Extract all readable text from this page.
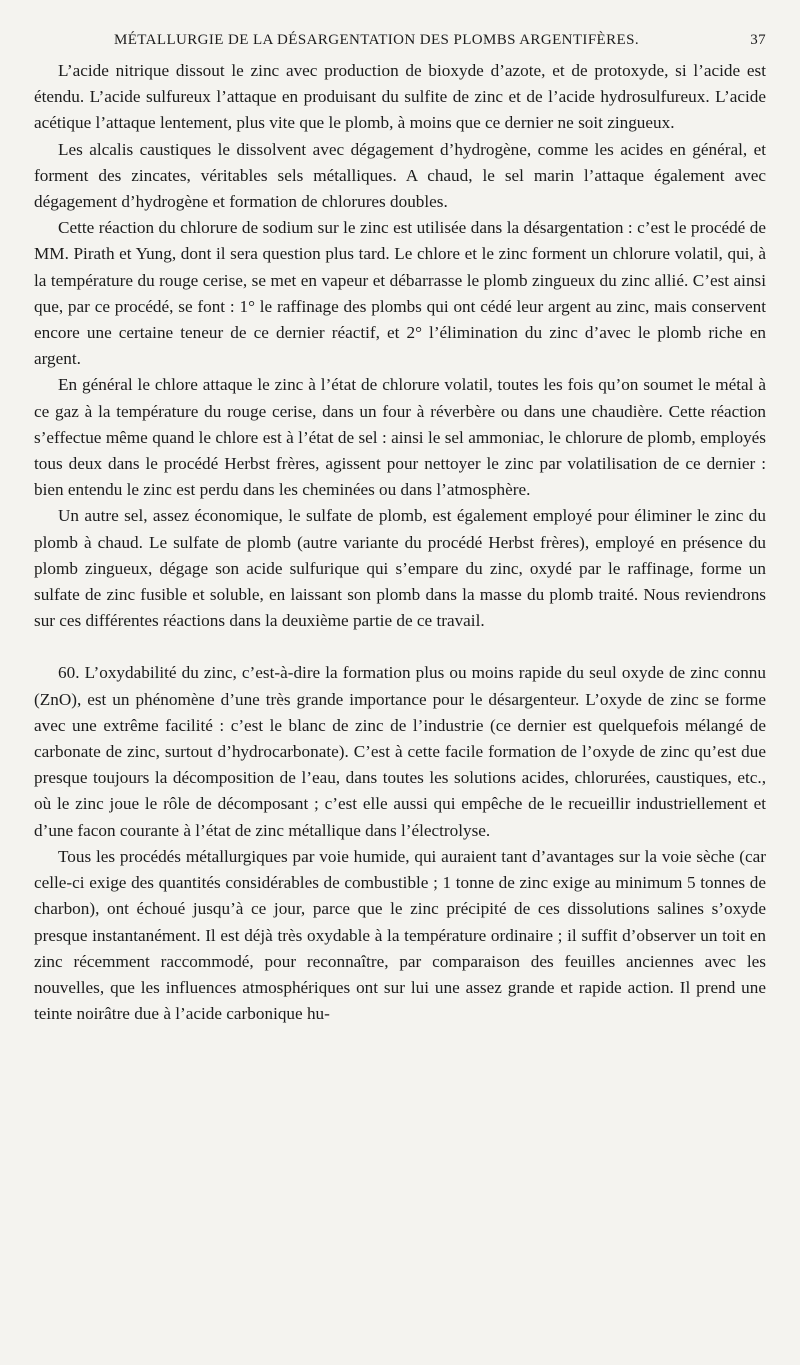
MÉTALLURGIE DE LA DÉSARGENTATION DES PLOMBS ARGENTIFÈRES.	37

L’acide nitrique dissout le zinc avec production de bioxyde d’azote, et de protoxyde, si l’acide est étendu. L’acide sulfureux l’attaque en produisant du sulfite de zinc et de l’acide hydrosulfureux. L’acide acétique l’attaque lentement, plus vite que le plomb, à moins que ce dernier ne soit zingueux.

Les alcalis caustiques le dissolvent avec dégagement d’hydrogène, comme les acides en général, et forment des zincates, véritables sels métalliques. A chaud, le sel marin l’attaque également avec dégagement d’hydrogène et formation de chlorures doubles.

Cette réaction du chlorure de sodium sur le zinc est utilisée dans la désargentation : c’est le procédé de MM. Pirath et Yung, dont il sera question plus tard. Le chlore et le zinc forment un chlorure volatil, qui, à la température du rouge cerise, se met en vapeur et débarrasse le plomb zingueux du zinc allié. C’est ainsi que, par ce procédé, se font : 1° le raffinage des plombs qui ont cédé leur argent au zinc, mais conservent encore une certaine teneur de ce dernier réactif, et 2° l’élimination du zinc d’avec le plomb riche en argent.

En général le chlore attaque le zinc à l’état de chlorure volatil, toutes les fois qu’on soumet le métal à ce gaz à la température du rouge cerise, dans un four à réverbère ou dans une chaudière. Cette réaction s’effectue même quand le chlore est à l’état de sel : ainsi le sel ammoniac, le chlorure de plomb, employés tous deux dans le procédé Herbst frères, agissent pour nettoyer le zinc par volatilisation de ce dernier : bien entendu le zinc est perdu dans les cheminées ou dans l’atmosphère.

Un autre sel, assez économique, le sulfate de plomb, est également employé pour éliminer le zinc du plomb à chaud. Le sulfate de plomb (autre variante du procédé Herbst frères), employé en présence du plomb zingueux, dégage son acide sulfurique qui s’empare du zinc, oxydé par le raffinage, forme un sulfate de zinc fusible et soluble, en laissant son plomb dans la masse du plomb traité. Nous reviendrons sur ces différentes réactions dans la deuxième partie de ce travail.

60. L’oxydabilité du zinc, c’est-à-dire la formation plus ou moins rapide du seul oxyde de zinc connu (ZnO), est un phénomène d’une très grande importance pour le désargenteur. L’oxyde de zinc se forme avec une extrême facilité : c’est le blanc de zinc de l’industrie (ce dernier est quelquefois mélangé de carbonate de zinc, surtout d’hydrocarbonate). C’est à cette facile formation de l’oxyde de zinc qu’est due presque toujours la décomposition de l’eau, dans toutes les solutions acides, chlorurées, caustiques, etc., où le zinc joue le rôle de décomposant ; c’est elle aussi qui empêche de le recueillir industriellement et d’une facon courante à l’état de zinc métallique dans l’électrolyse.

Tous les procédés métallurgiques par voie humide, qui auraient tant d’avantages sur la voie sèche (car celle-ci exige des quantités considérables de combustible ; 1 tonne de zinc exige au minimum 5 tonnes de charbon), ont échoué jusqu’à ce jour, parce que le zinc précipité de ces dissolutions salines s’oxyde presque instantanément. Il est déjà très oxydable à la température ordinaire ; il suffit d’observer un toit en zinc récemment raccommodé, pour reconnaître, par comparaison des feuilles anciennes avec les nouvelles, que les influences atmosphériques ont sur lui une assez grande et rapide action. Il prend une teinte noirâtre due à l’acide carbonique hu-
